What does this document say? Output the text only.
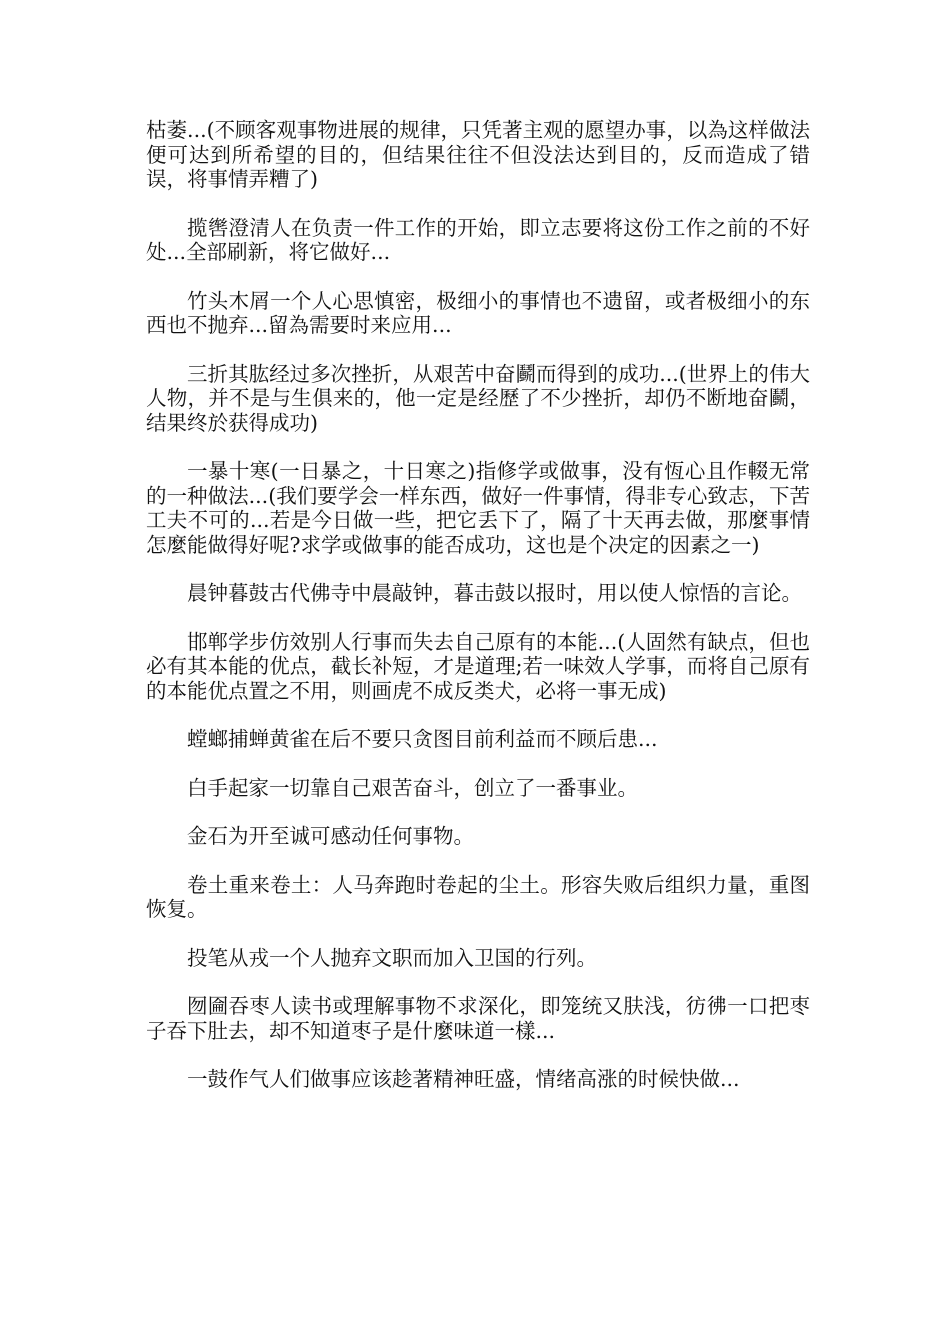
枯萎...(不顾客观事物进展的规律，只凭著主观的愿望办事，以為这样做法便可达到所希望的目的，但结果往往不但没法达到目的，反而造成了错误，将事情弄糟了)

揽辔澄清人在负责一件工作的开始，即立志要将这份工作之前的不好处...全部刷新，将它做好...

竹头木屑一个人心思慎密，极细小的事情也不遗留，或者极细小的东西也不抛弃...留為需要时来应用...

三折其肱经过多次挫折，从艰苦中奋鬬而得到的成功...(世界上的伟大人物，并不是与生俱来的，他一定是经歷了不少挫折，却仍不断地奋鬬，结果终於获得成功)

一暴十寒(一日暴之，十日寒之)指修学或做事，没有恆心且作輟无常的一种做法...(我们要学会一样东西，做好一件事情，得非专心致志，下苦工夫不可的...若是今日做一些，把它丢下了，隔了十天再去做，那麼事情怎麼能做得好呢?求学或做事的能否成功，这也是个决定的因素之一)

晨钟暮鼓古代佛寺中晨敲钟，暮击鼓以报时，用以使人惊悟的言论。

邯郸学步仿效别人行事而失去自己原有的本能...(人固然有缺点，但也必有其本能的优点，截长补短，才是道理;若一味效人学事，而将自己原有的本能优点置之不用，则画虎不成反类犬，必将一事无成)

螳螂捕蝉黄雀在后不要只贪图目前利益而不顾后患...

白手起家一切靠自己艰苦奋斗，创立了一番事业。

金石为开至诚可感动任何事物。

卷土重来卷土：人马奔跑时卷起的尘土。形容失败后组织力量，重图恢复。

投笔从戎一个人抛弃文职而加入卫国的行列。

囫圇吞枣人读书或理解事物不求深化，即笼统又肤浅，彷彿一口把枣子吞下肚去，却不知道枣子是什麼味道一樣...

一鼓作气人们做事应该趁著精神旺盛，情绪高涨的时候快做...
